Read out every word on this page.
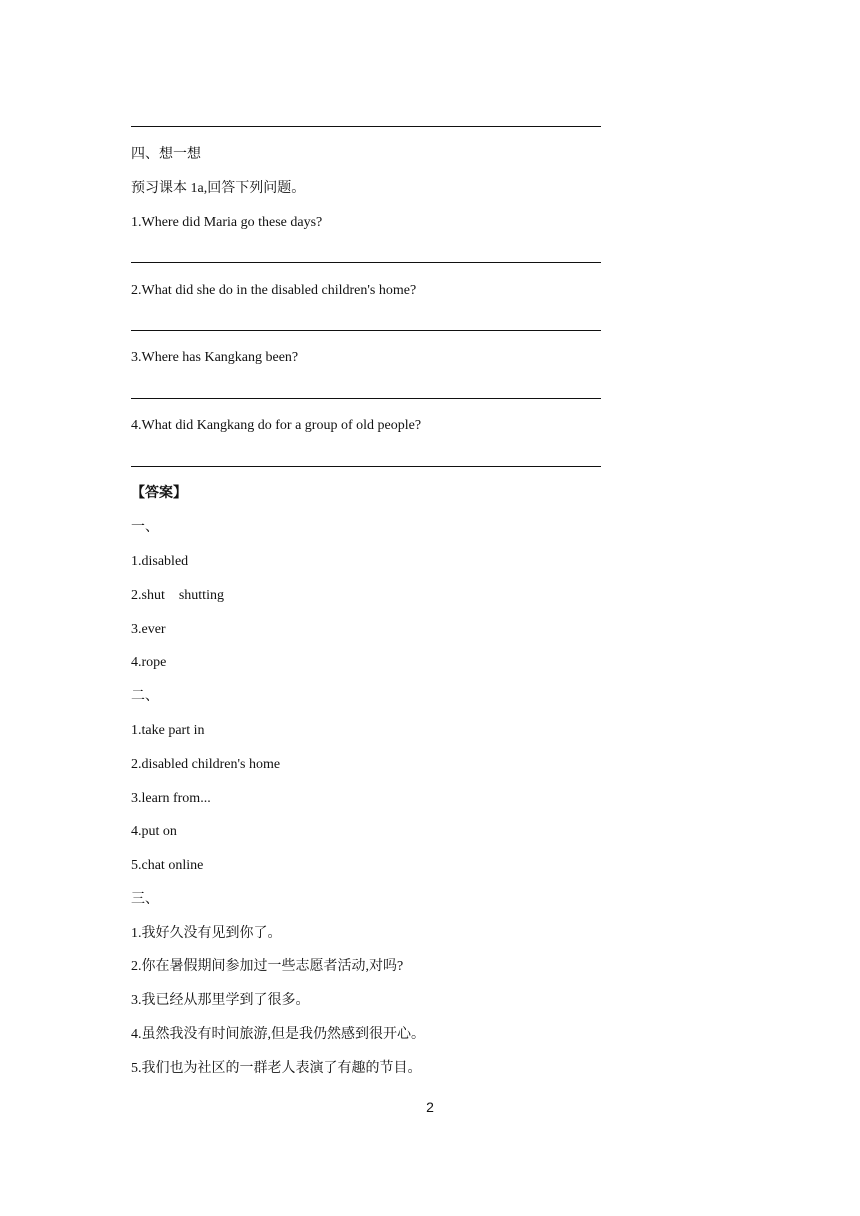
四、想一想
预习课本 1a,回答下列问题。
1.Where did Maria go these days?
2.What did she do in the disabled children's home?
3.Where has Kangkang been?
4.What did Kangkang do for a group of old people?
【答案】
一、
1.disabled
2.shut    shutting
3.ever
4.rope
二、
1.take part in
2.disabled children's home
3.learn from...
4.put on
5.chat online
三、
1.我好久没有见到你了。
2.你在暑假期间参加过一些志愿者活动,对吗?
3.我已经从那里学到了很多。
4.虽然我没有时间旅游,但是我仍然感到很开心。
5.我们也为社区的一群老人表演了有趣的节目。
2
